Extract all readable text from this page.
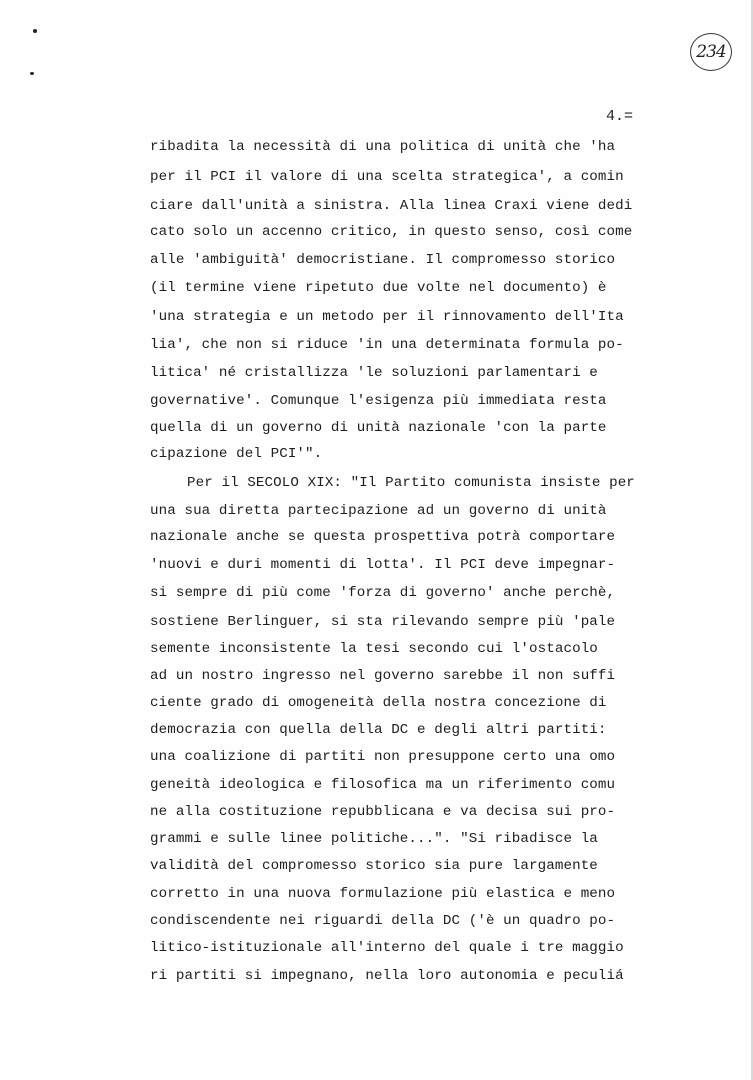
234
4.=
ribadita la necessità di una politica di unità che 'ha
per il PCI il valore di una scelta strategica', a comin
ciare dall'unità a sinistra. Alla linea Craxi viene dedi
cato solo un accenno critico, in questo senso, così come
alle 'ambiguità' democristiane. Il compromesso storico
(il termine viene ripetuto due volte nel documento) è
'una strategia e un metodo per il rinnovamento dell'Ita
lia', che non si riduce 'in una determinata formula po-
litica' né cristallizza 'le soluzioni parlamentari e
governative'. Comunque l'esigenza più immediata resta
quella di un governo di unità nazionale 'con la parte
cipazione del PCI'".
Per il SECOLO XIX: "Il Partito comunista insiste per
una sua diretta partecipazione ad un governo di unità
nazionale anche se questa prospettiva potrà comportare
'nuovi e duri momenti di lotta'. Il PCI deve impegnar-
si sempre di più come 'forza di governo' anche perchè,
sostiene Berlinguer, si sta rilevando sempre più 'pale
semente inconsistente la tesi secondo cui l'ostacolo
ad un nostro ingresso nel governo sarebbe il non suffi
ciente grado di omogeneità della nostra concezione di
democrazia con quella della DC e degli altri partiti:
una coalizione di partiti non presuppone certo una omo
geneità ideologica e filosofica ma un riferimento comu
ne alla costituzione repubblicana e va decisa sui pro-
grammi e sulle linee politiche...". "Si ribadisce la
validità del compromesso storico sia pure largamente
corretto in una nuova formulazione più elastica e meno
condiscendente nei riguardi della DC ('è un quadro po-
litico-istituzionale all'interno del quale i tre maggio
ri partiti si impegnano, nella loro autonomia e peculiá
